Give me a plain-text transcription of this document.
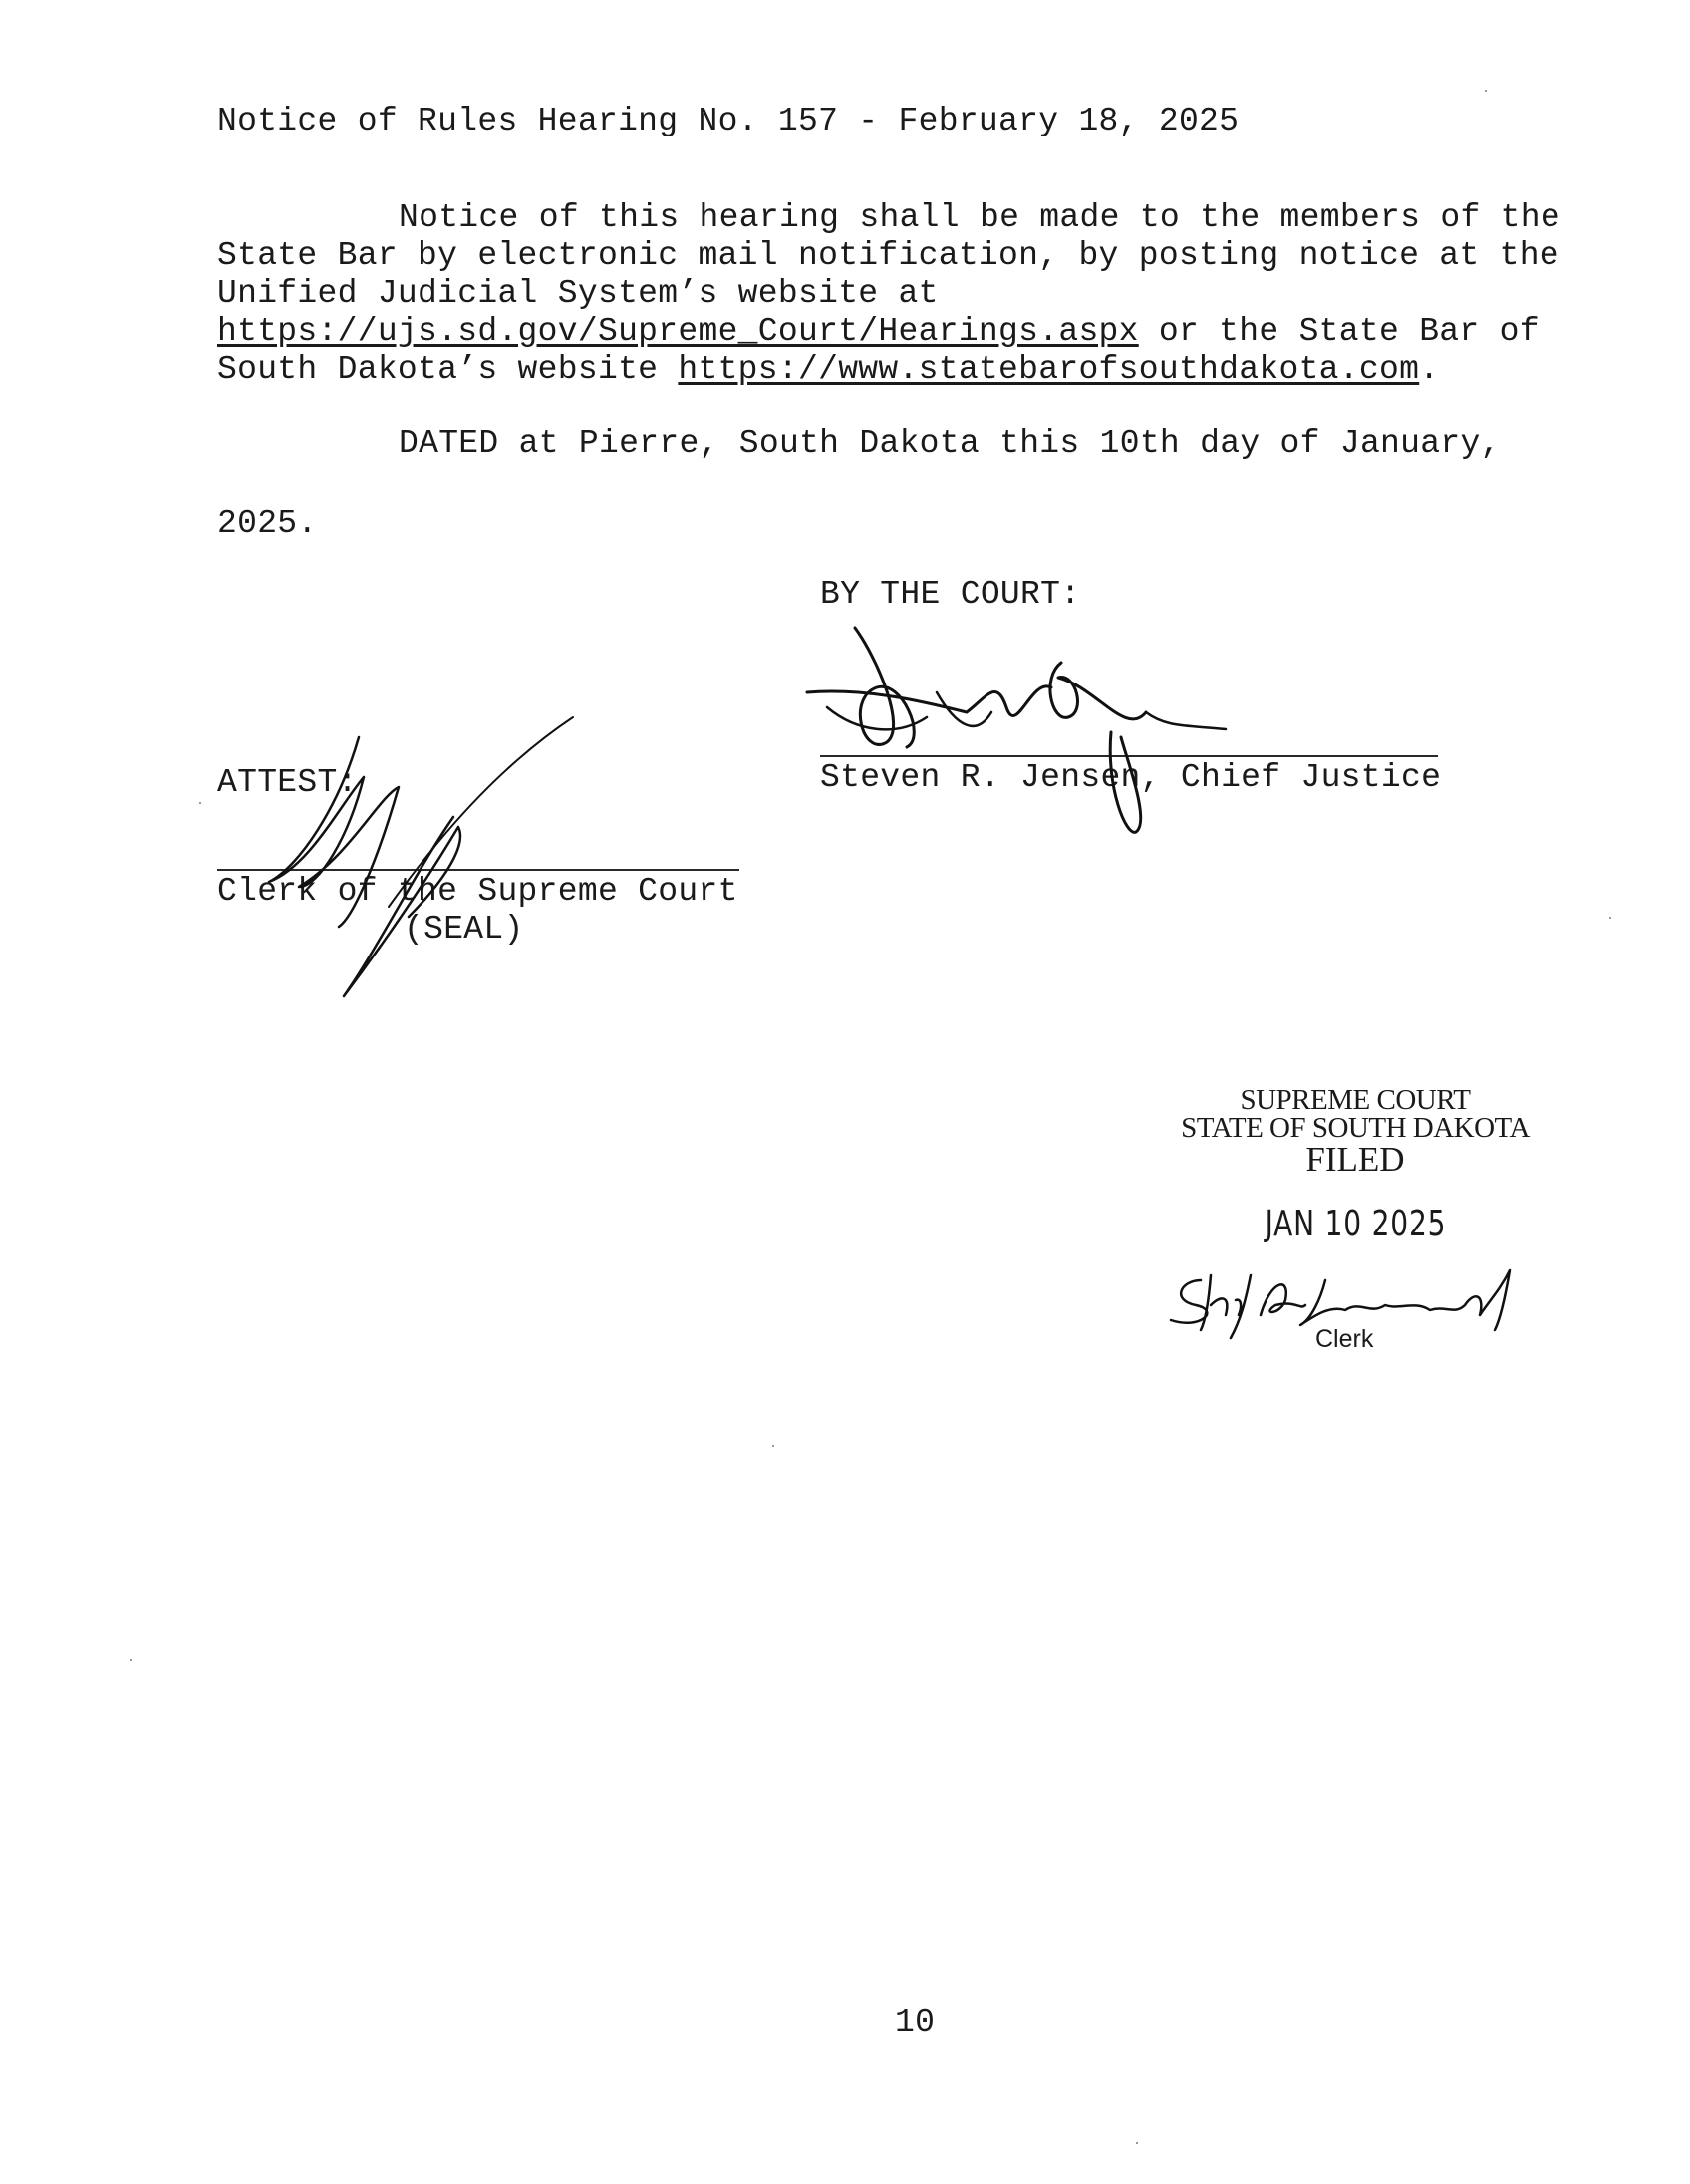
Notice of Rules Hearing No. 157 - February 18, 2025
Notice of this hearing shall be made to the members of the
State Bar by electronic mail notification, by posting notice at the
Unified Judicial System’s website at
https://ujs.sd.gov/Supreme_Court/Hearings.aspx or the State Bar of
South Dakota’s website https://www.statebarofsouthdakota.com.
DATED at Pierre, South Dakota this 10th day of January,
2025.
BY THE COURT:
Steven R. Jensen, Chief Justice
ATTEST:
Clerk of the Supreme Court
(SEAL)
SUPREME COURT
STATE OF SOUTH DAKOTA
FILED
JAN 10 2025
Clerk
10
